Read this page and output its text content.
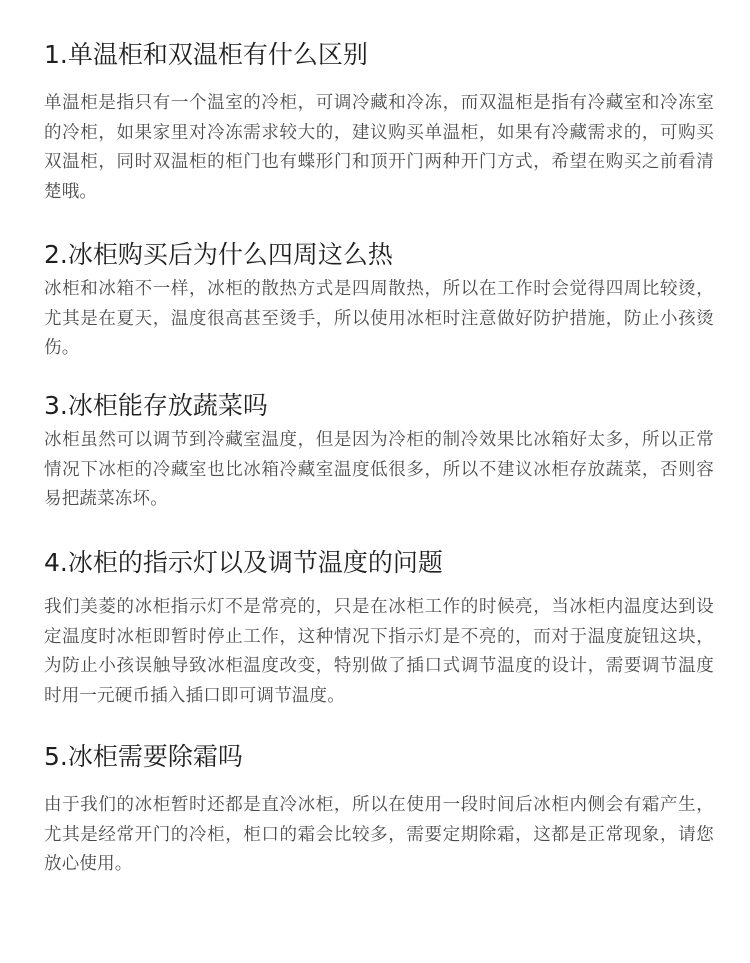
1.单温柜和双温柜有什么区别

单温柜是指只有一个温室的冷柜，可调冷藏和冷冻，而双温柜是指有冷藏室和冷冻室的冷柜，如果家里对冷冻需求较大的，建议购买单温柜，如果有冷藏需求的，可购买双温柜，同时双温柜的柜门也有蝶形门和顶开门两种开门方式，希望在购买之前看清楚哦。

2.冰柜购买后为什么四周这么热

冰柜和冰箱不一样，冰柜的散热方式是四周散热，所以在工作时会觉得四周比较烫，尤其是在夏天，温度很高甚至烫手，所以使用冰柜时注意做好防护措施，防止小孩烫伤。

3.冰柜能存放蔬菜吗

冰柜虽然可以调节到冷藏室温度，但是因为冷柜的制冷效果比冰箱好太多，所以正常情况下冰柜的冷藏室也比冰箱冷藏室温度低很多，所以不建议冰柜存放蔬菜，否则容易把蔬菜冻坏。

4.冰柜的指示灯以及调节温度的问题

我们美菱的冰柜指示灯不是常亮的，只是在冰柜工作的时候亮，当冰柜内温度达到设定温度时冰柜即暂时停止工作，这种情况下指示灯是不亮的，而对于温度旋钮这块，为防止小孩误触导致冰柜温度改变，特别做了插口式调节温度的设计，需要调节温度时用一元硬币插入插口即可调节温度。

5.冰柜需要除霜吗

由于我们的冰柜暂时还都是直冷冰柜，所以在使用一段时间后冰柜内侧会有霜产生，尤其是经常开门的冷柜，柜口的霜会比较多，需要定期除霜，这都是正常现象，请您放心使用。
